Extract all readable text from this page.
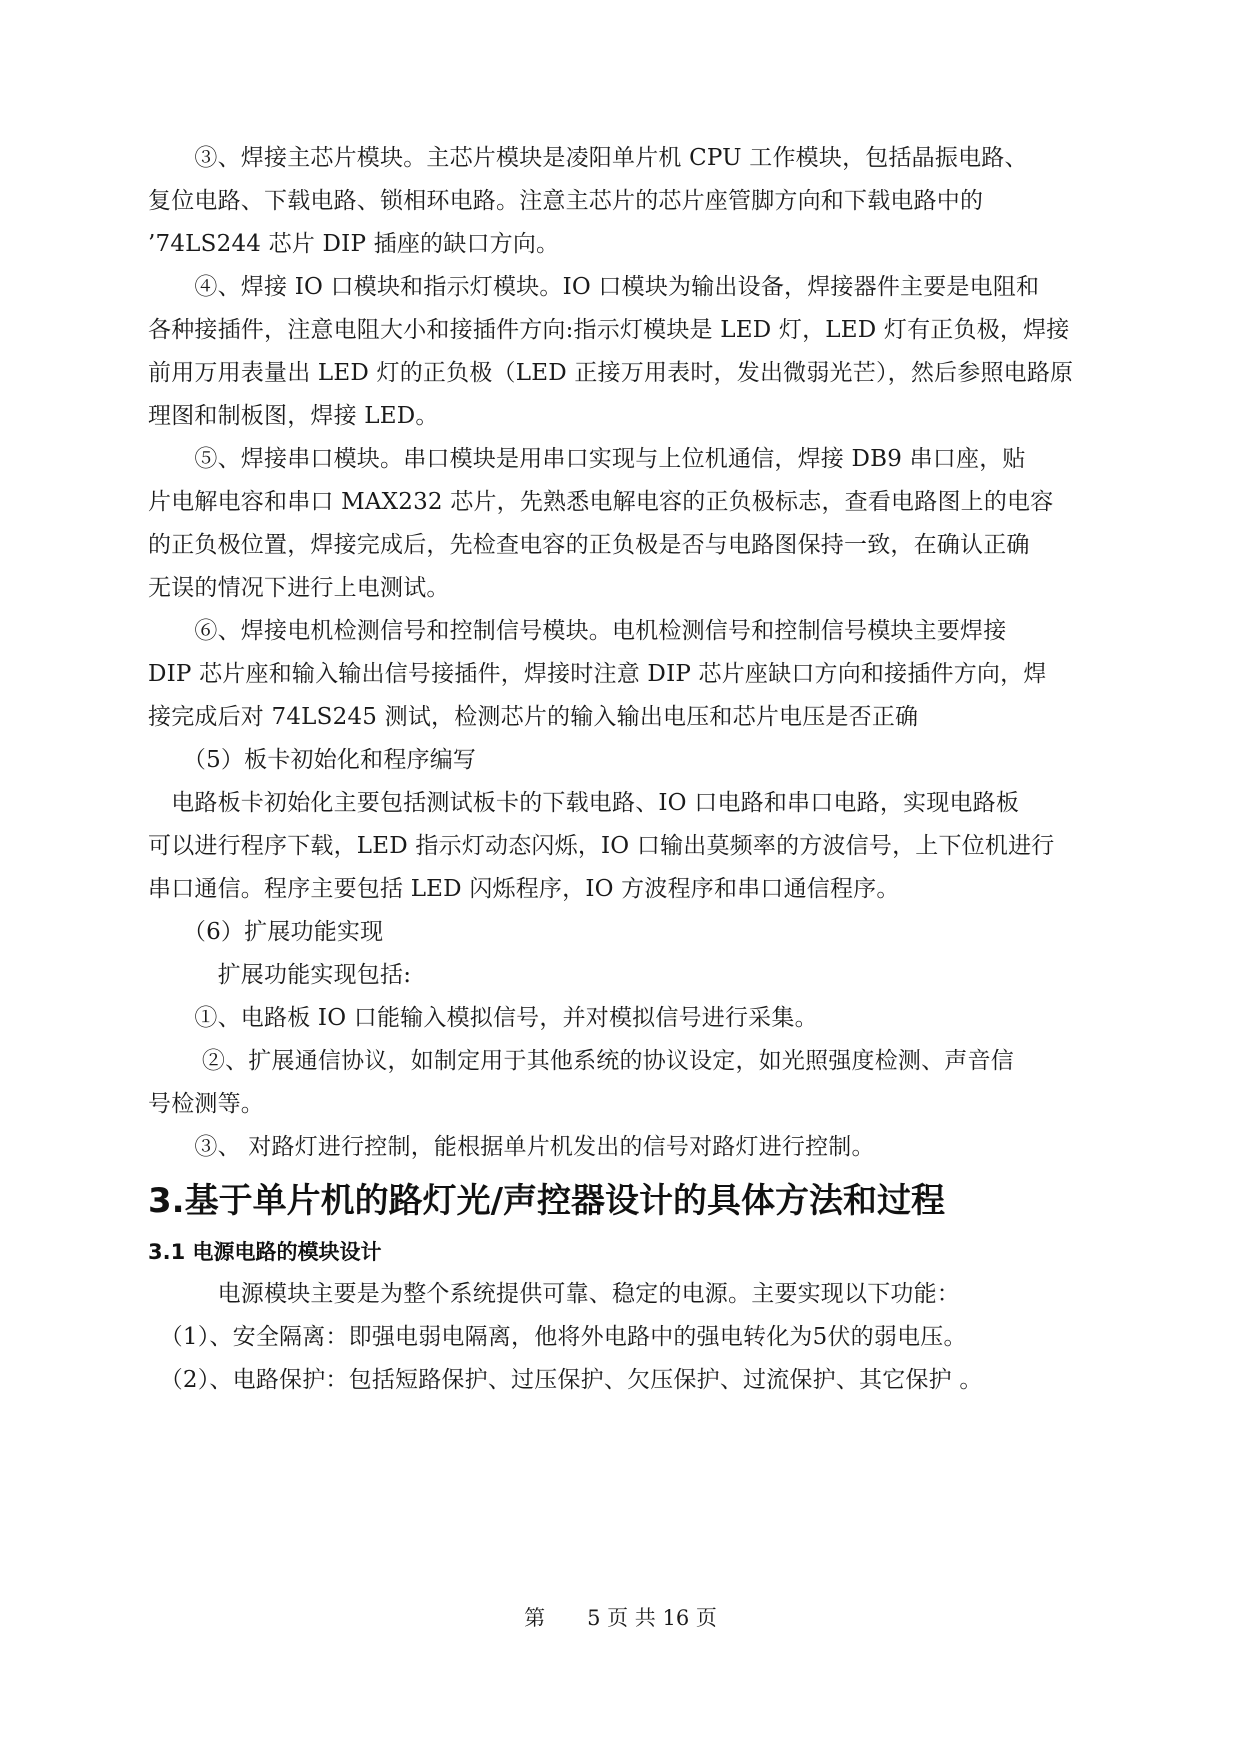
　　③、焊接主芯片模块。主芯片模块是凌阳单片机 CPU 工作模块，包括晶振电路、
复位电路、下载电路、锁相环电路。注意主芯片的芯片座管脚方向和下载电路中的
’74LS244 芯片 DIP 插座的缺口方向。
　　④、焊接 IO 口模块和指示灯模块。IO 口模块为输出设备，焊接器件主要是电阻和
各种接插件，注意电阻大小和接插件方向:指示灯模块是 LED 灯，LED 灯有正负极，焊接
前用万用表量出 LED 灯的正负极（LED 正接万用表时，发出微弱光芒），然后参照电路原
理图和制板图，焊接 LED。
　　⑤、焊接串口模块。串口模块是用串口实现与上位机通信，焊接 DB9 串口座，贴
片电解电容和串口 MAX232 芯片，先熟悉电解电容的正负极标志，查看电路图上的电容
的正负极位置，焊接完成后，先检查电容的正负极是否与电路图保持一致，在确认正确
无误的情况下进行上电测试。
　　⑥、焊接电机检测信号和控制信号模块。电机检测信号和控制信号模块主要焊接
DIP 芯片座和输入输出信号接插件，焊接时注意 DIP 芯片座缺口方向和接插件方向，焊
接完成后对 74LS245 测试，检测芯片的输入输出电压和芯片电压是否正确
　　（5）板卡初始化和程序编写
　电路板卡初始化主要包括测试板卡的下载电路、IO 口电路和串口电路，实现电路板
可以进行程序下载，LED 指示灯动态闪烁，IO 口输出莫频率的方波信号，上下位机进行
串口通信。程序主要包括 LED 闪烁程序，IO 方波程序和串口通信程序。
　　（6）扩展功能实现
　　　扩展功能实现包括:
　　①、电路板 IO 口能输入模拟信号，并对模拟信号进行采集。
　　 ②、扩展通信协议，如制定用于其他系统的协议设定，如光照强度检测、声音信
号检测等。
　　③、 对路灯进行控制，能根据单片机发出的信号对路灯进行控制。
3.基于单片机的路灯光/声控器设计的具体方法和过程
3.1 电源电路的模块设计
　　　电源模块主要是为整个系统提供可靠、稳定的电源。主要实现以下功能：
　（1）、安全隔离：即强电弱电隔离，他将外电路中的强电转化为5伏的弱电压。
　（2）、电路保护：包括短路保护、过压保护、欠压保护、过流保护、其它保护 。
第　　5 页 共 16 页
